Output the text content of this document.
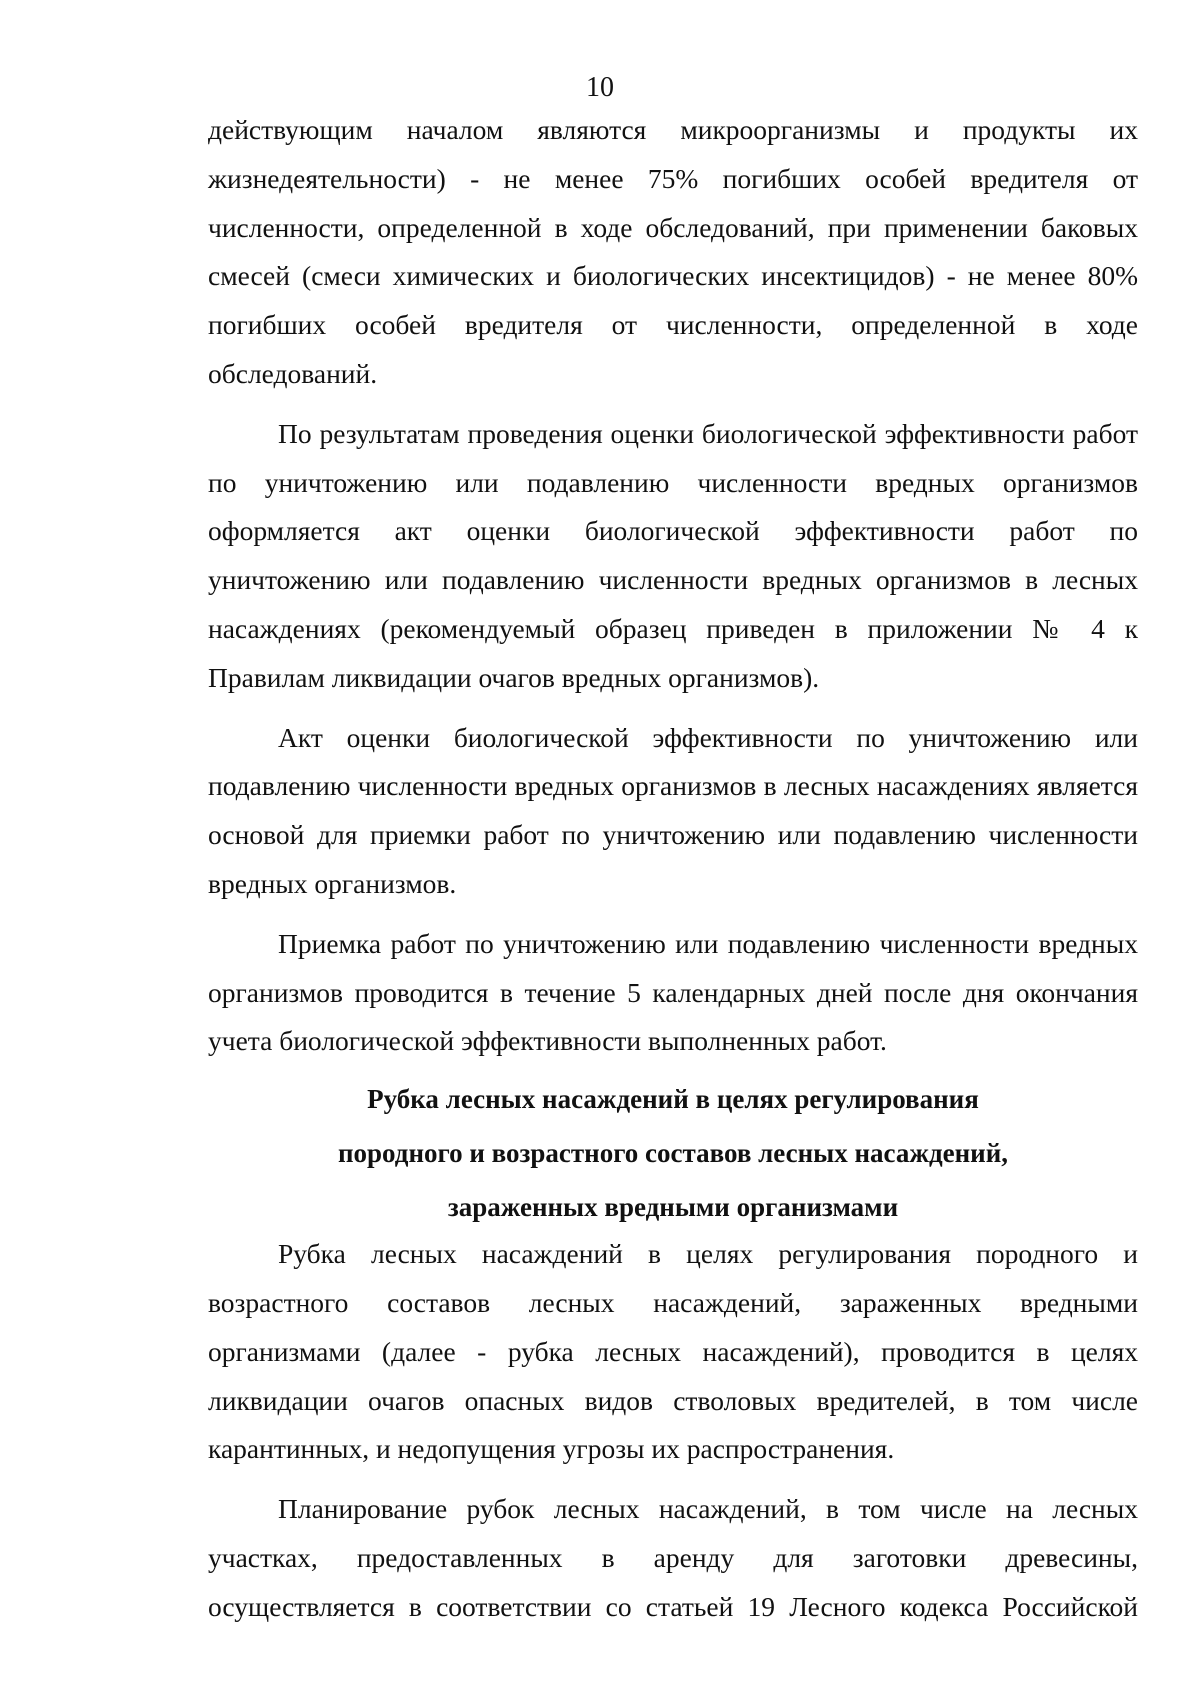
10

действующим началом являются микроорганизмы и продукты их жизнедеятельности) - не менее 75% погибших особей вредителя от численности, определенной в ходе обследований, при применении баковых смесей (смеси химических и биологических инсектицидов) - не менее 80% погибших особей вредителя от численности, определенной в ходе обследований.

По результатам проведения оценки биологической эффективности работ по уничтожению или подавлению численности вредных организмов оформляется акт оценки биологической эффективности работ по уничтожению или подавлению численности вредных организмов в лесных насаждениях (рекомендуемый образец приведен в приложении № 4 к Правилам ликвидации очагов вредных организмов).

Акт оценки биологической эффективности по уничтожению или подавлению численности вредных организмов в лесных насаждениях является основой для приемки работ по уничтожению или подавлению численности вредных организмов.

Приемка работ по уничтожению или подавлению численности вредных организмов проводится в течение 5 календарных дней после дня окончания учета биологической эффективности выполненных работ.

Рубка лесных насаждений в целях регулирования
породного и возрастного составов лесных насаждений,
зараженных вредными организмами

Рубка лесных насаждений в целях регулирования породного и возрастного составов лесных насаждений, зараженных вредными организмами (далее - рубка лесных насаждений), проводится в целях ликвидации очагов опасных видов стволовых вредителей, в том числе карантинных, и недопущения угрозы их распространения.

Планирование рубок лесных насаждений, в том числе на лесных участках, предоставленных в аренду для заготовки древесины, осуществляется в соответствии со статьей 19 Лесного кодекса Российской
